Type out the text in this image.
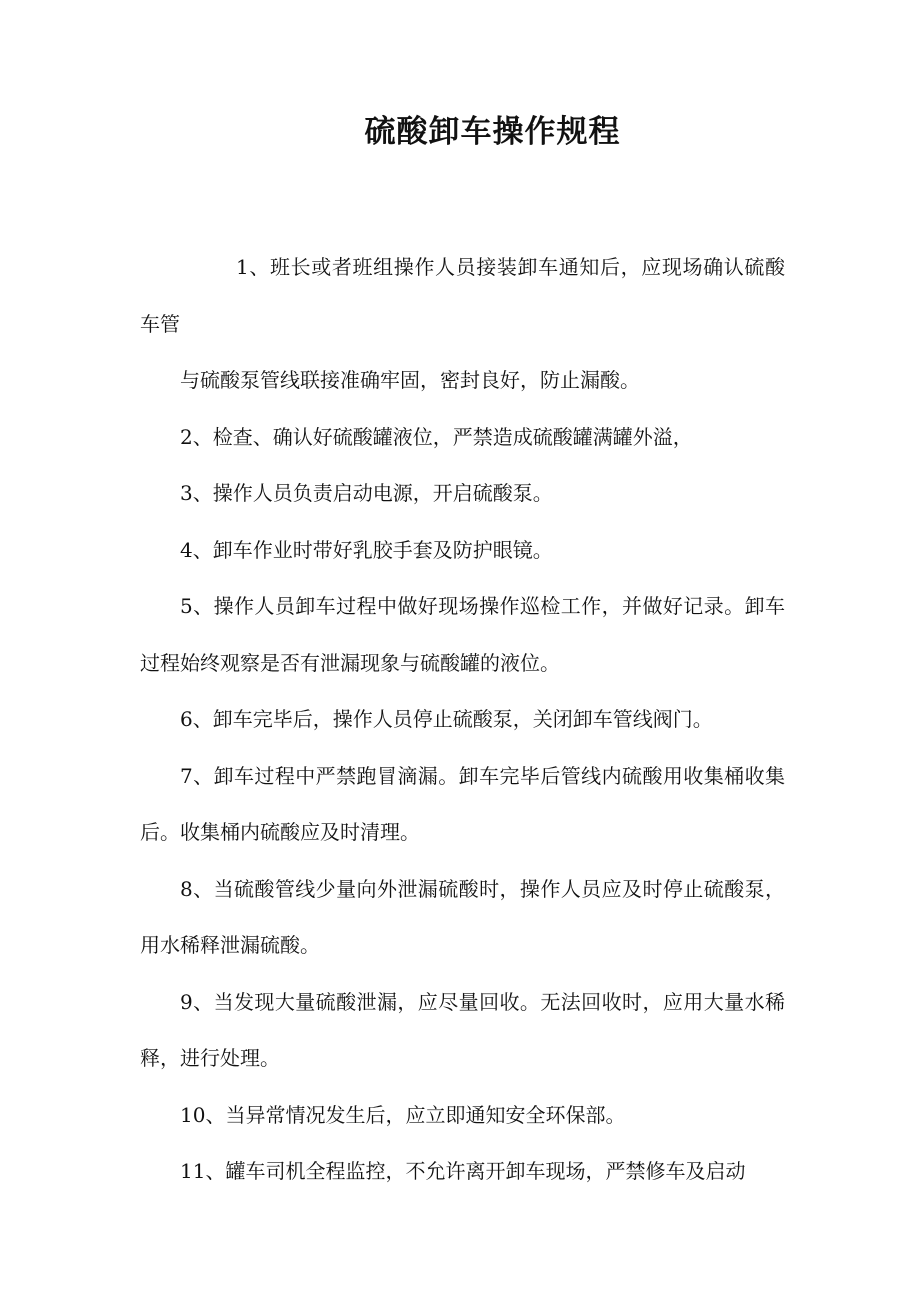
硫酸卸车操作规程

1、班长或者班组操作人员接装卸车通知后，应现场确认硫酸车管

与硫酸泵管线联接准确牢固，密封良好，防止漏酸。

2、检查、确认好硫酸罐液位，严禁造成硫酸罐满罐外溢，

3、操作人员负责启动电源，开启硫酸泵。

4、卸车作业时带好乳胶手套及防护眼镜。

5、操作人员卸车过程中做好现场操作巡检工作，并做好记录。卸车过程始终观察是否有泄漏现象与硫酸罐的液位。

6、卸车完毕后，操作人员停止硫酸泵，关闭卸车管线阀门。

7、卸车过程中严禁跑冒滴漏。卸车完毕后管线内硫酸用收集桶收集后。收集桶内硫酸应及时清理。

8、当硫酸管线少量向外泄漏硫酸时，操作人员应及时停止硫酸泵，用水稀释泄漏硫酸。

9、当发现大量硫酸泄漏，应尽量回收。无法回收时，应用大量水稀释，进行处理。

10、当异常情况发生后，应立即通知安全环保部。

11、罐车司机全程监控，不允许离开卸车现场，严禁修车及启动
